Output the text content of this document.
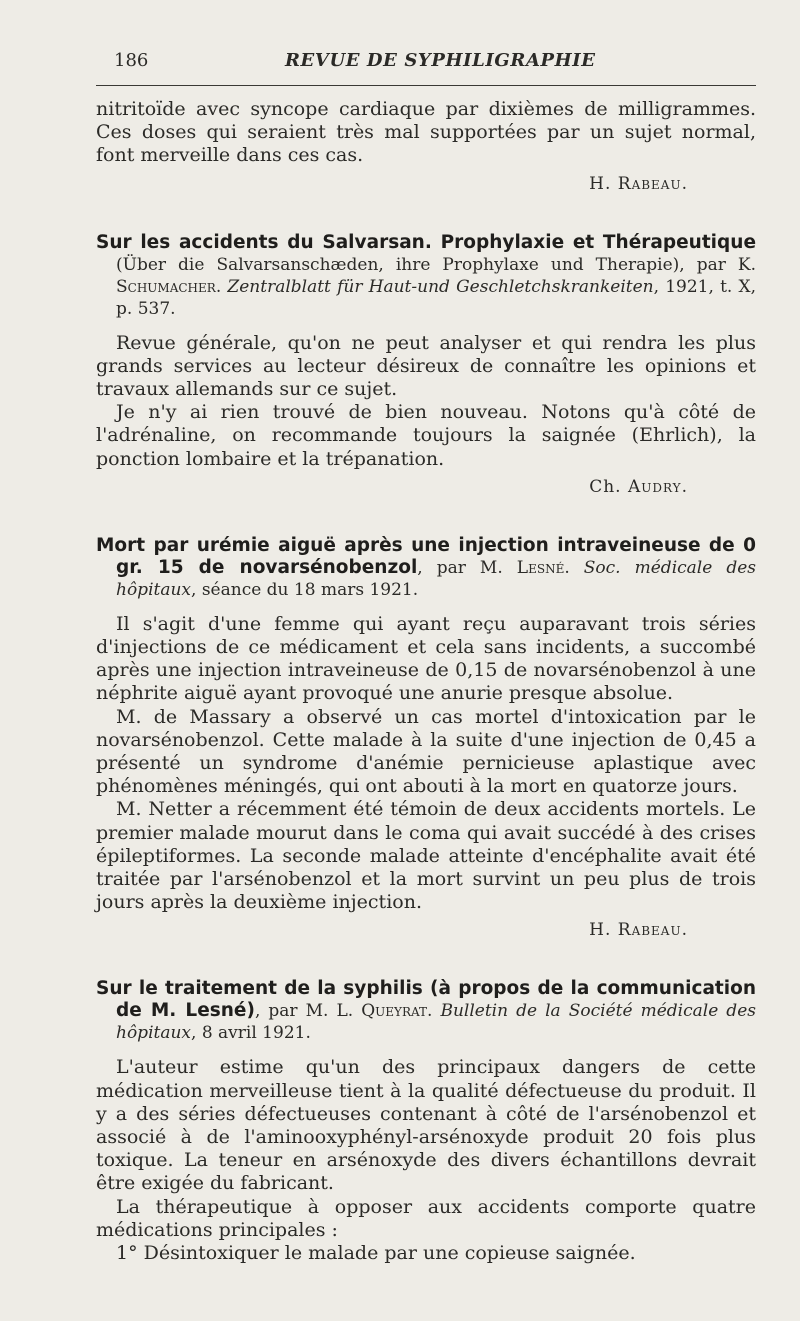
186	REVUE DE SYPHILIGRAPHIE

nitritoïde avec syncope cardiaque par dixièmes de milligrammes. Ces doses qui seraient très mal supportées par un sujet normal, font merveille dans ces cas.

H. Rabeau.
Sur les accidents du Salvarsan. Prophylaxie et Thérapeutique (Über die Salvarsanschæden, ihre Prophylaxe und Therapie), par K. Schumacher. Zentralblatt für Haut-und Geschletchskrankeiten, 1921, t. X, p. 537.

Revue générale, qu'on ne peut analyser et qui rendra les plus grands services au lecteur désireux de connaître les opinions et travaux allemands sur ce sujet.

Je n'y ai rien trouvé de bien nouveau. Notons qu'à côté de l'adrénaline, on recommande toujours la saignée (Ehrlich), la ponction lombaire et la trépanation.

Ch. Audry.
Mort par urémie aiguë après une injection intraveineuse de 0 gr. 15 de novarsénobenzol, par M. Lesné. Soc. médicale des hôpitaux, séance du 18 mars 1921.

Il s'agit d'une femme qui ayant reçu auparavant trois séries d'injections de ce médicament et cela sans incidents, a succombé après une injection intraveineuse de 0,15 de novarsénobenzol à une néphrite aiguë ayant provoqué une anurie presque absolue.

M. de Massary a observé un cas mortel d'intoxication par le novarsénobenzol. Cette malade à la suite d'une injection de 0,45 a présenté un syndrome d'anémie pernicieuse aplastique avec phénomènes méningés, qui ont abouti à la mort en quatorze jours.

M. Netter a récemment été témoin de deux accidents mortels. Le premier malade mourut dans le coma qui avait succédé à des crises épileptiformes. La seconde malade atteinte d'encéphalite avait été traitée par l'arsénobenzol et la mort survint un peu plus de trois jours après la deuxième injection.

H. Rabeau.
Sur le traitement de la syphilis (à propos de la communication de M. Lesné), par M. L. Queyrat. Bulletin de la Société médicale des hôpitaux, 8 avril 1921.

L'auteur estime qu'un des principaux dangers de cette médication merveilleuse tient à la qualité défectueuse du produit. Il y a des séries défectueuses contenant à côté de l'arsénobenzol et associé à de l'aminooxyphényl-arsénoxyde produit 20 fois plus toxique. La teneur en arsénoxyde des divers échantillons devrait être exigée du fabricant.

La thérapeutique à opposer aux accidents comporte quatre médications principales :

1° Désintoxiquer le malade par une copieuse saignée.
